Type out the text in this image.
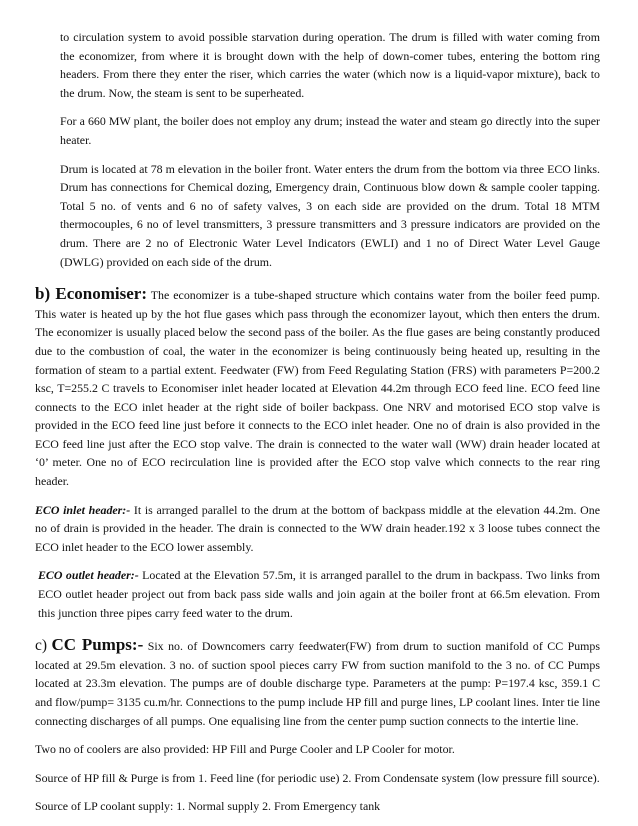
to circulation system to avoid possible starvation during operation. The drum is filled with water coming from the economizer, from where it is brought down with the help of down-comer tubes, entering the bottom ring headers. From there they enter the riser, which carries the water (which now is a liquid-vapor mixture), back to the drum. Now, the steam is sent to be superheated.

For a 660 MW plant, the boiler does not employ any drum; instead the water and steam go directly into the super heater.

Drum is located at 78 m elevation in the boiler front. Water enters the drum from the bottom via three ECO links. Drum has connections for Chemical dozing, Emergency drain, Continuous blow down & sample cooler tapping. Total 5 no. of vents and 6 no of safety valves, 3 on each side are provided on the drum. Total 18 MTM thermocouples, 6 no of level transmitters, 3 pressure transmitters and 3 pressure indicators are provided on the drum. There are 2 no of Electronic Water Level Indicators (EWLI) and 1 no of Direct Water Level Gauge (DWLG) provided on each side of the drum.

b) Economiser: The economizer is a tube-shaped structure which contains water from the boiler feed pump. This water is heated up by the hot flue gases which pass through the economizer layout, which then enters the drum. The economizer is usually placed below the second pass of the boiler. As the flue gases are being constantly produced due to the combustion of coal, the water in the economizer is being continuously being heated up, resulting in the formation of steam to a partial extent. Feedwater (FW) from Feed Regulating Station (FRS) with parameters P=200.2 ksc, T=255.2 C travels to Economiser inlet header located at Elevation 44.2m through ECO feed line. ECO feed line connects to the ECO inlet header at the right side of boiler backpass. One NRV and motorised ECO stop valve is provided in the ECO feed line just before it connects to the ECO inlet header. One no of drain is also provided in the ECO feed line just after the ECO stop valve. The drain is connected to the water wall (WW) drain header located at ‘0’ meter. One no of ECO recirculation line is provided after the ECO stop valve which connects to the rear ring header.

ECO inlet header:- It is arranged parallel to the drum at the bottom of backpass middle at the elevation 44.2m. One no of drain is provided in the header. The drain is connected to the WW drain header.192 x 3 loose tubes connect the ECO inlet header to the ECO lower assembly.

ECO outlet header:- Located at the Elevation 57.5m, it is arranged parallel to the drum in backpass. Two links from ECO outlet header project out from back pass side walls and join again at the boiler front at 66.5m elevation. From this junction three pipes carry feed water to the drum.

c) CC Pumps:- Six no. of Downcomers carry feedwater(FW) from drum to suction manifold of CC Pumps located at 29.5m elevation. 3 no. of suction spool pieces carry FW from suction manifold to the 3 no. of CC Pumps located at 23.3m elevation. The pumps are of double discharge type. Parameters at the pump: P=197.4 ksc, 359.1 C and flow/pump= 3135 cu.m/hr. Connections to the pump include HP fill and purge lines, LP coolant lines. Inter tie line connecting discharges of all pumps. One equalising line from the center pump suction connects to the intertie line.

Two no of coolers are also provided: HP Fill and Purge Cooler and LP Cooler for motor.

Source of HP fill & Purge is from 1. Feed line (for periodic use) 2. From Condensate system (low pressure fill source).

Source of LP coolant supply: 1. Normal supply 2. From Emergency tank
